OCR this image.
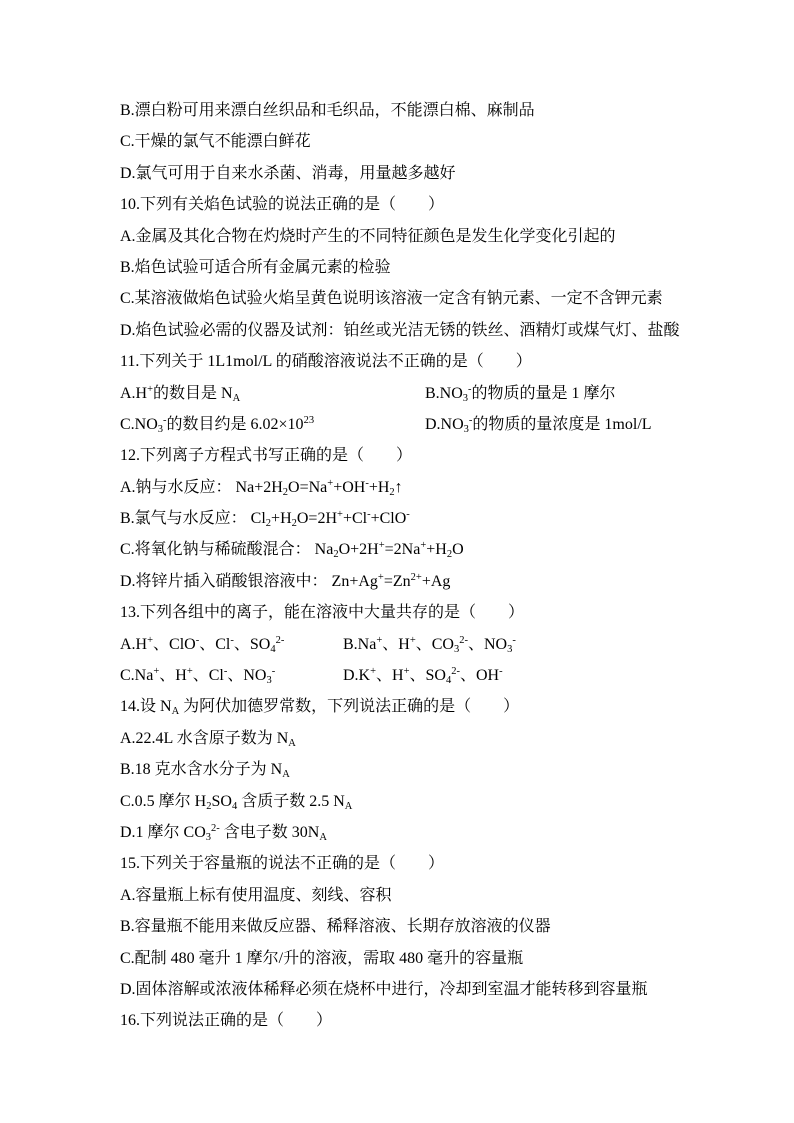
B.漂白粉可用来漂白丝织品和毛织品，不能漂白棉、麻制品
C.干燥的氯气不能漂白鲜花
D.氯气可用于自来水杀菌、消毒，用量越多越好
10.下列有关焰色试验的说法正确的是（　　）
A.金属及其化合物在灼烧时产生的不同特征颜色是发生化学变化引起的
B.焰色试验可适合所有金属元素的检验
C.某溶液做焰色试验火焰呈黄色说明该溶液一定含有钠元素、一定不含钾元素
D.焰色试验必需的仪器及试剂：铂丝或光洁无锈的铁丝、酒精灯或煤气灯、盐酸
11.下列关于 1L1mol/L 的硝酸溶液说法不正确的是（　　）
A.H+的数目是 $N_A$	$B.NO_3^-$的物质的量是 1 摩尔
$C.NO_3^-$的数目约是 $6.02\times 10^{23}$	$D.NO_3^-$的物质的量浓度是 1mol/L
12.下列离子方程式书写正确的是（　　）
A.钠与水反应： $Na+2H_2O=Na^++OH^-+H_2↑$
B.氯气与水反应： $Cl_2+H_2O=2H^++Cl^-+ClO^-$
C.将氧化钠与稀硫酸混合： $Na_2O+2H^+=2Na^++H_2O$
D.将锌片插入硝酸银溶液中： $Zn+Ag^+=Zn^{2+}+Ag$
13.下列各组中的离子，能在溶液中大量共存的是（　　）
A.H+、ClO-、Cl-、$SO_4^{2-}$	B.Na+、H+、$CO_3^{2-}$、$NO_3^-$
C.Na+、H+、Cl-、$NO_3^-$	D.K+、H+、$SO_4^{2-}$、OH-
14.设 $N_A$ 为阿伏加德罗常数，下列说法正确的是（　　）
A.22.4L 水含原子数为 $N_A$
B.18 克水含水分子为 $N_A$
C.0.5 摩尔 $H_2SO_4$ 含质子数 2.5 $N_A$
D.1 摩尔 $CO_3^{2-}$ 含电子数 $30N_A$
15.下列关于容量瓶的说法不正确的是（　　）
A.容量瓶上标有使用温度、刻线、容积
B.容量瓶不能用来做反应器、稀释溶液、长期存放溶液的仪器
C.配制 480 毫升 1 摩尔/升的溶液，需取 480 毫升的容量瓶
D.固体溶解或浓液体稀释必须在烧杯中进行，冷却到室温才能转移到容量瓶
16.下列说法正确的是（　　）
